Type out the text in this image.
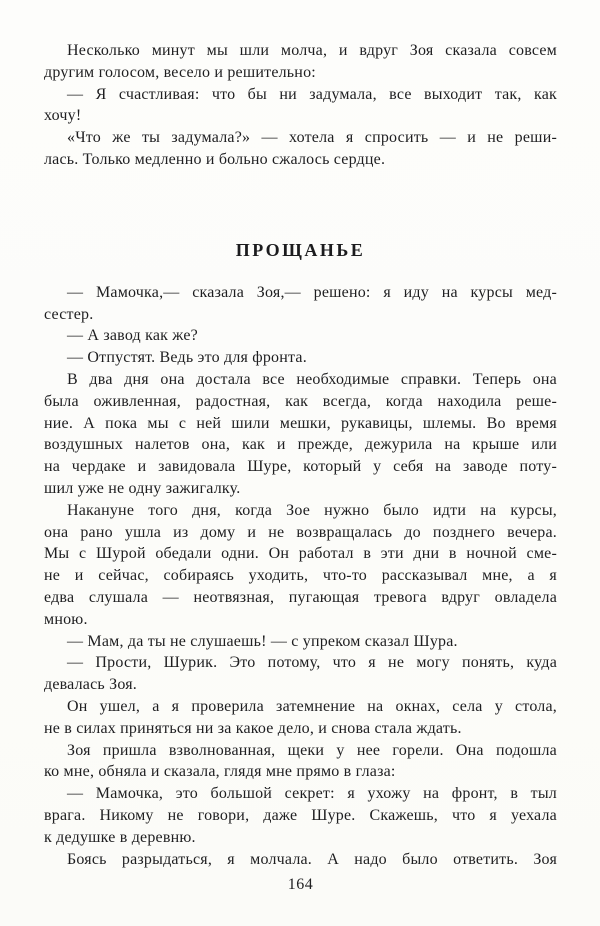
Несколько минут мы шли молча, и вдруг Зоя сказала совсем
другим голосом, весело и решительно:

— Я счастливая: что бы ни задумала, все выходит так, как
хочу!

«Что же ты задумала?» — хотела я спросить — и не реши-
лась. Только медленно и больно сжалось сердце.

ПРОЩАНЬЕ

— Мамочка,— сказала Зоя,— решено: я иду на курсы мед-
сестер.

— А завод как же?

— Отпустят. Ведь это для фронта.

В два дня она достала все необходимые справки. Теперь она
была оживленная, радостная, как всегда, когда находила реше-
ние. А пока мы с ней шили мешки, рукавицы, шлемы. Во время
воздушных налетов она, как и прежде, дежурила на крыше или
на чердаке и завидовала Шуре, который у себя на заводе поту-
шил уже не одну зажигалку.

Накануне того дня, когда Зое нужно было идти на курсы,
она рано ушла из дому и не возвращалась до позднего вечера.
Мы с Шурой обедали одни. Он работал в эти дни в ночной сме-
не и сейчас, собираясь уходить, что-то рассказывал мне, а я
едва слушала — неотвязная, пугающая тревога вдруг овладела
мною.

— Мам, да ты не слушаешь! — с упреком сказал Шура.

— Прости, Шурик. Это потому, что я не могу понять, куда
девалась Зоя.

Он ушел, а я проверила затемнение на окнах, села у стола,
не в силах приняться ни за какое дело, и снова стала ждать.

Зоя пришла взволнованная, щеки у нее горели. Она подошла
ко мне, обняла и сказала, глядя мне прямо в глаза:

— Мамочка, это большой секрет: я ухожу на фронт, в тыл
врага. Никому не говори, даже Шуре. Скажешь, что я уехала
к дедушке в деревню.

Боясь разрыдаться, я молчала. А надо было ответить. Зоя

164
